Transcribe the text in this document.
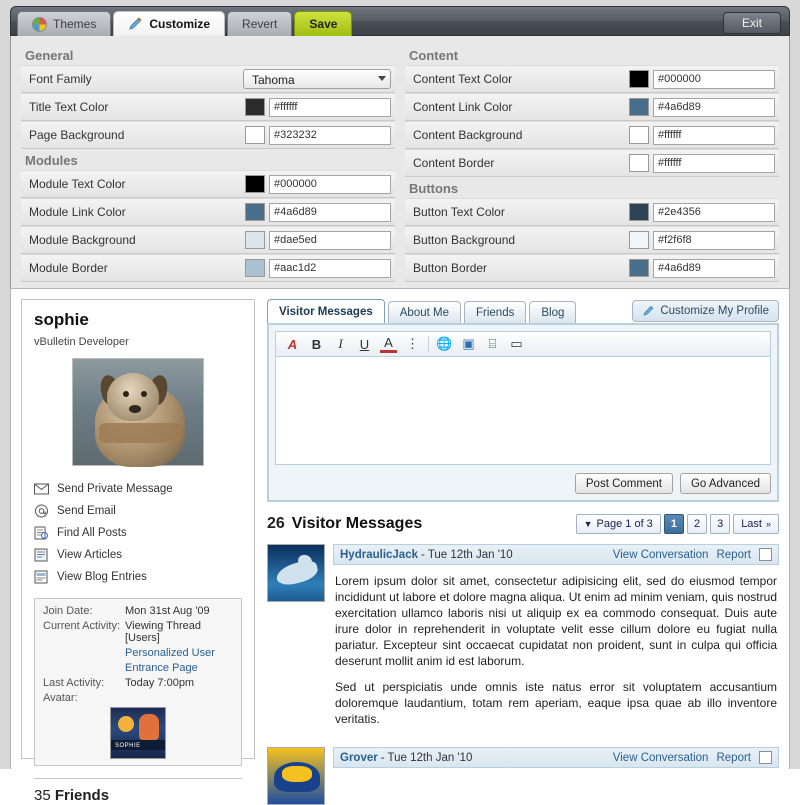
Themes	Customize	Revert	Save	Exit
General
Font Family	Tahoma
Title Text Color	#ffffff
Page Background	#323232
Modules
Module Text Color	#000000
Module Link Color	#4a6d89
Module Background	#dae5ed
Module Border	#aac1d2
Content
Content Text Color	#000000
Content Link Color	#4a6d89
Content Background	#ffffff
Content Border	#ffffff
Buttons
Button Text Color	#2e4356
Button Background	#f2f6f8
Button Border	#4a6d89
sophie
vBulletin Developer
Send Private Message
Send Email
Find All Posts
View Articles
View Blog Entries
Join Date:	Mon 31st Aug '09
Current Activity: Viewing Thread [Users]
Personalized User
Entrance Page
Last Activity:	Today 7:00pm
Avatar:
SOPHIE
35 Friends
Visitor Messages About Me Friends Blog	Customize My Profile
A B	I	U	A	⋮ 🌐 ▣	⌸	▭
Post Comment	Go Advanced
26 Visitor Messages	▼ Page 1 of 3	1	2	3	Last »
HydraulicJack - Tue 12th Jan '10	View Conversation Report

Lorem ipsum dolor sit amet, consectetur adipisicing elit, sed do eiusmod tempor incididunt ut labore et dolore magna aliqua. Ut enim ad minim veniam, quis nostrud exercitation ullamco laboris nisi ut aliquip ex ea commodo consequat. Duis aute irure dolor in reprehenderit in voluptate velit esse cillum dolore eu fugiat nulla pariatur. Excepteur sint occaecat cupidatat non proident, sunt in culpa qui officia deserunt mollit anim id est laborum.

Sed ut perspiciatis unde omnis iste natus error sit voluptatem accusantium doloremque laudantium, totam rem aperiam, eaque ipsa quae ab illo inventore veritatis.

Grover - Tue 12th Jan '10	View Conversation Report
